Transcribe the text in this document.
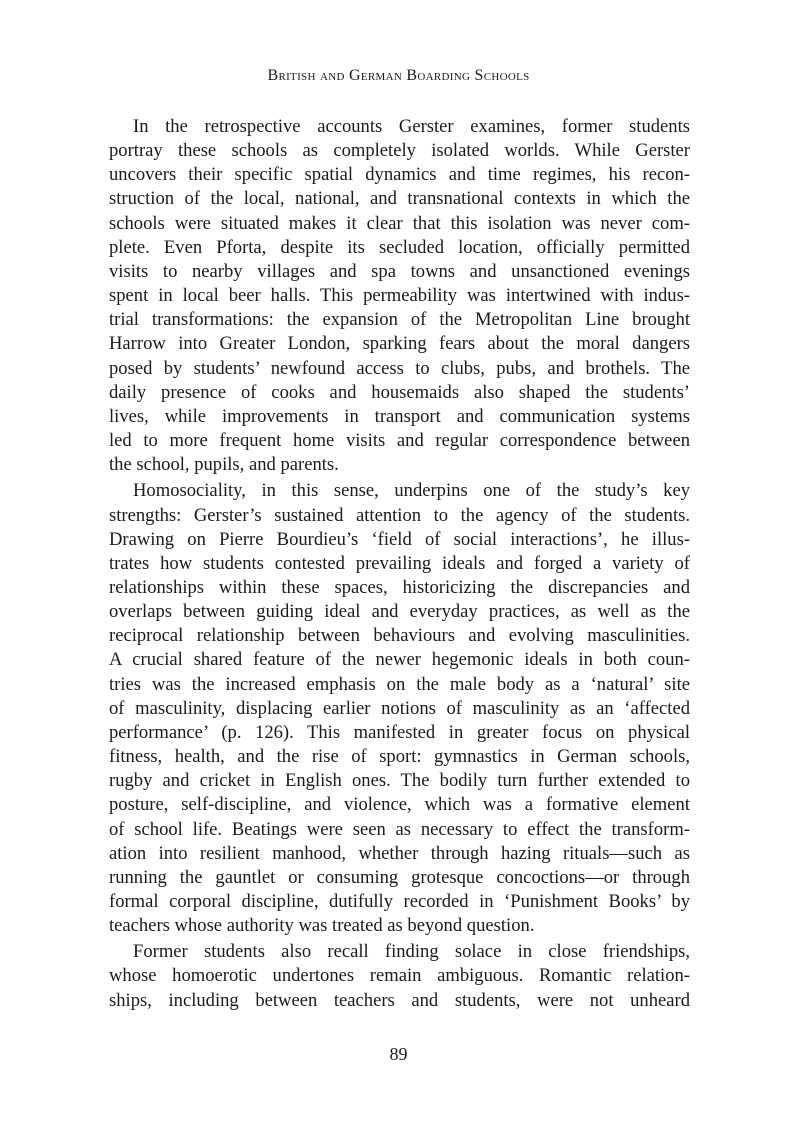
British and German Boarding Schools

In the retrospective accounts Gerster examines, former students
portray these schools as completely isolated worlds. While Gerster
uncovers their specific spatial dynamics and time regimes, his recon-
struction of the local, national, and transnational contexts in which the
schools were situated makes it clear that this isolation was never com-
plete. Even Pforta, despite its secluded location, officially permitted
visits to nearby villages and spa towns and unsanctioned evenings
spent in local beer halls. This permeability was intertwined with indus-
trial transformations: the expansion of the Metropolitan Line brought
Harrow into Greater London, sparking fears about the moral dangers
posed by students’ newfound access to clubs, pubs, and brothels. The
daily presence of cooks and housemaids also shaped the students’
lives, while improvements in transport and communication systems
led to more frequent home visits and regular correspondence between
the school, pupils, and parents.

Homosociality, in this sense, underpins one of the study’s key
strengths: Gerster’s sustained attention to the agency of the students.
Drawing on Pierre Bourdieu’s ‘field of social interactions’, he illus-
trates how students contested prevailing ideals and forged a variety of
relationships within these spaces, historicizing the discrepancies and
overlaps between guiding ideal and everyday practices, as well as the
reciprocal relationship between behaviours and evolving masculinities.
A crucial shared feature of the newer hegemonic ideals in both coun-
tries was the increased emphasis on the male body as a ‘natural’ site
of masculinity, displacing earlier notions of masculinity as an ‘affected
performance’ (p. 126). This manifested in greater focus on physical
fitness, health, and the rise of sport: gymnastics in German schools,
rugby and cricket in English ones. The bodily turn further extended to
posture, self-discipline, and violence, which was a formative element
of school life. Beatings were seen as necessary to effect the transform-
ation into resilient manhood, whether through hazing rituals—such as
running the gauntlet or consuming grotesque concoctions—or through
formal corporal discipline, dutifully recorded in ‘Punishment Books’ by
teachers whose authority was treated as beyond question.

Former students also recall finding solace in close friendships,
whose homoerotic undertones remain ambiguous. Romantic relation-
ships, including between teachers and students, were not unheard

89
